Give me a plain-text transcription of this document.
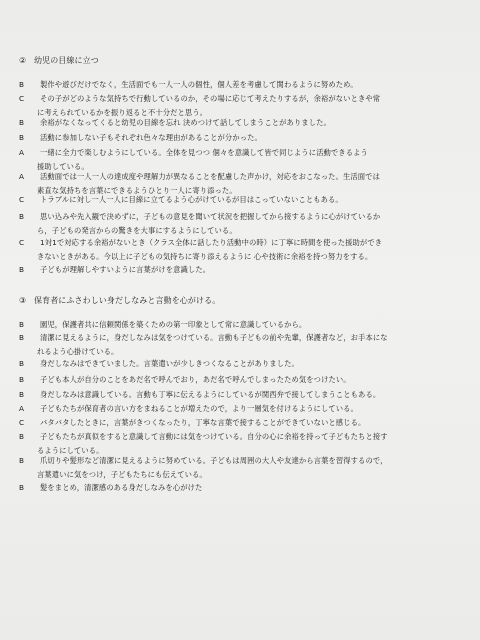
② 幼児の目線に立つ
B 製作や遊びだけでなく，生活面でも一人一人の個性，個人差を考慮して関わるように努めため。
C その子がどのような気持ちで行動しているのか，その場に応じて考えたりするが，余裕がないときや常
に考えられているかを振り返ると不十分だと思う。
B 余裕がなくなってくると幼児の目線を忘れ 決めつけて話してしまうことがありました。
B 活動に参加しない子もそれぞれ色々な理由があることが分かった。
A 一緒に全力で楽しむようにしている。全体を見つつ 個々を意識して皆で同じように活動できるよう
援助している。
A 活動面では一人一人の達成度や理解力が異なることを配慮した声かけ，対応をおこなった。生活面では
素直な気持ちを言葉にできるようひとり一人に寄り添った。
C トラブルに対し一人一人に目線に立てるよう心がけているが目はこっていないこともある。
B 思い込みや先入観で決めずに，子どもの意見を聞いて状況を把握してから接するように心がけているか
ら，子どもの発言からの驚きを大事にするようにしている。
C 1対1で対応する余裕がないとき（クラス全体に話したり活動中の時）に丁寧に時間を使った援助ができ
きないときがある。今以上に子どもの気持ちに寄り添えるように 心や技術に余裕を持つ努力をする。
B 子どもが理解しやすいように言葉がけを意識した。
③ 保育者にふさわしい身だしなみと言動を心がける。
B 園児，保護者共に信頼関係を築くための第一印象として常に意識しているから。
B 清潔に見えるように，身だしなみは気をつけている。言動も子どもの前や先輩，保護者など，お手本にな
れるよう心掛けている。
B 身だしなみはできていました。言葉遣いが少しきつくなることがありました。
B 子ども本人が自分のことをあだ名で呼んでおり，あだ名で呼んでしまったため気をつけたい。
B 身だしなみは意識している。言動も丁寧に伝えるようにしているが関西弁で接してしまうこともある。
A 子どもたちが保育者の言い方をまねることが増えたので，より一層気を付けるようにしている。
C バタバタしたときに，言葉がきつくなったり，丁寧な言葉で接することができていないと感じる。
B 子どもたちが真似をすると意識して言動には気をつけている。自分の心に余裕を持って子どもたちと接す
るようにしている。
B 爪切りや髪形など清潔に見えるように努めている。子どもは周囲の大人や友達から言葉を習得するので，
言葉遣いに気をつけ，子どもたちにも伝えている。
B 髪をまとめ，清潔感のある身だしなみを心がけた
